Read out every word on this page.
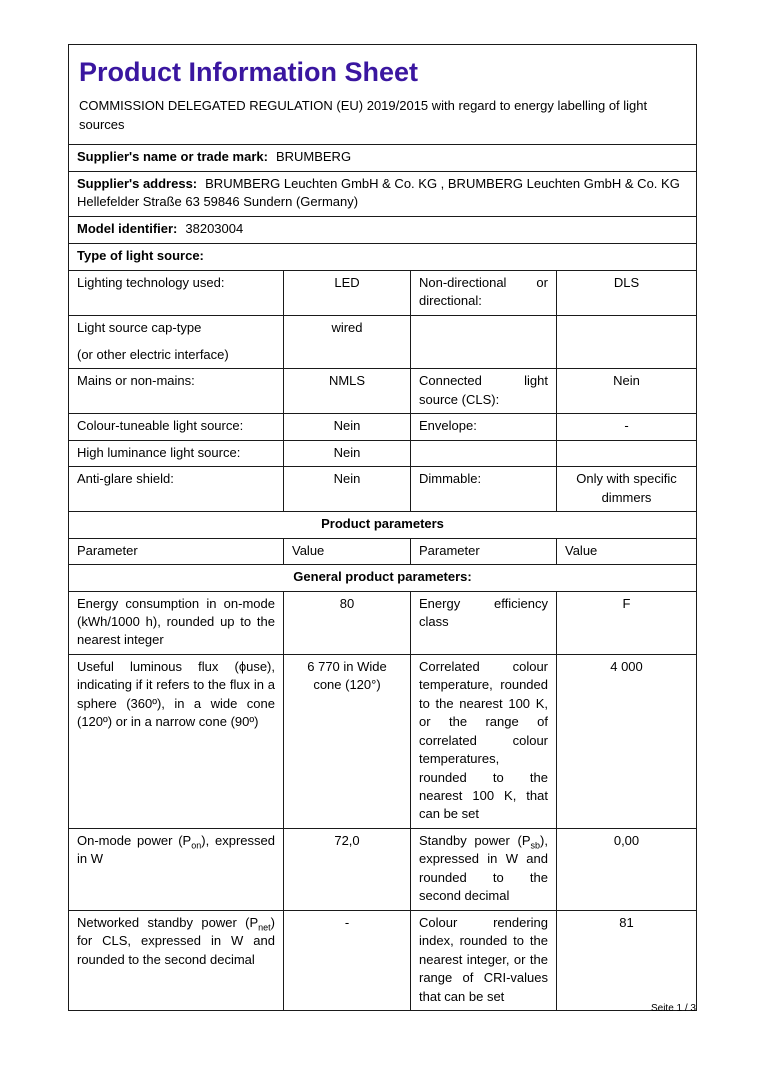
Product Information Sheet
COMMISSION DELEGATED REGULATION (EU) 2019/2015 with regard to energy labelling of light sources			

Supplier's name or trade mark: BRUMBERG			
Supplier's address: BRUMBERG Leuchten GmbH & Co. KG , BRUMBERG Leuchten GmbH & Co. KG Hellefelder Straße 63 59846 Sundern (Germany)			
Model identifier: 38203004			
Type of light source:			
Lighting technology used:	LED	Non-directional or directional:	DLS

Light source cap-type
(or other electric interface)	wired		
Mains or non-mains:	NMLS	Connected light source (CLS):	Nein
Colour-tuneable light source:	Nein	Envelope:	-
High luminance light source:	Nein		
Anti-glare shield:	Nein	Dimmable:	Only with specific dimmers
Product parameters			
Parameter	Value	Parameter	Value
General product parameters:			
Energy consumption in on-mode (kWh/1000 h), rounded up to the nearest integer	80	Energy efficiency class	F
Useful luminous flux (ϕuse), indicating if it refers to the flux in a sphere (360º), in a wide cone (120º) or in a narrow cone (90º)	6 770 in Wide cone (120°)	Correlated colour temperature, rounded to the nearest 100 K, or the range of correlated colour temperatures, rounded to the nearest 100 K, that can be set	4 000
On-mode power $(P_{on})$, expressed in W	72,0	Standby power $(P_{sb})$, expressed in W and rounded to the second decimal	0,00
Networked standby power $(P_{net})$ for CLS, expressed in W and rounded to the second decimal	-	Colour rendering index, rounded to the nearest integer, or the range of CRI-values that can be set	81
Seite 1 / 3
